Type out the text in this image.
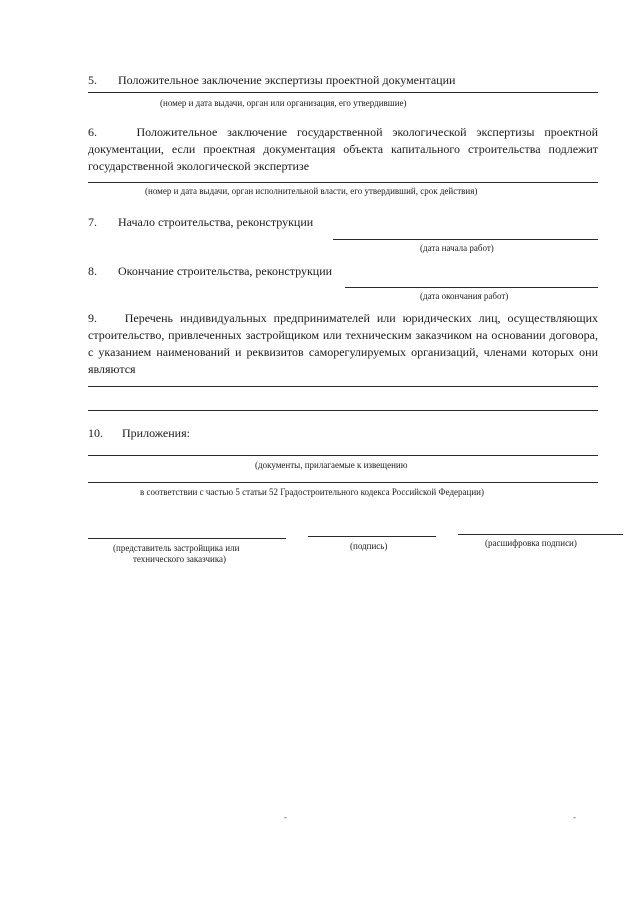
5. Положительное заключение экспертизы проектной документации
(номер и дата выдачи, орган или организация, его утвердившие)
6.    Положительное заключение государственной экологической экспертизы проектной документации, если проектная документация объекта капитального строительства подлежит государственной экологической экспертизе
(номер и дата выдачи, орган исполнительной власти, его утвердивший, срок действия)
7. Начало строительства, реконструкции
(дата начала работ)
8. Окончание строительства, реконструкции
(дата окончания работ)
9.    Перечень индивидуальных предпринимателей или юридических лиц, осуществляющих строительство, привлеченных застройщиком или техническим заказчиком на основании договора, с указанием наименований и реквизитов саморегулируемых организаций, членами которых они являются
10. Приложения:
(документы, прилагаемые к извещению
в соответствии с частью 5 статьи 52 Градостроительного кодекса Российской Федерации)
(представитель застройщика или
технического заказчика)
(подпись)	(расшифровка подписи)
-	-
